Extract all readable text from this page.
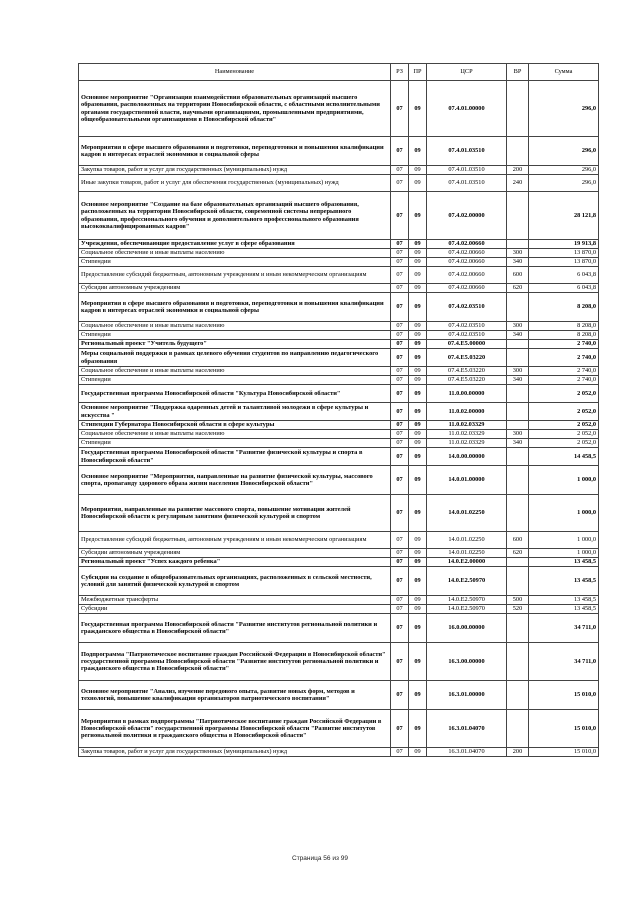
Наименование	РЗ	ПР	ЦСР	ВР	Сумма
Основное мероприятие "Организация взаимодействия образовательных организаций высшего образования, расположенных на территории Новосибирской области, с областными исполнительными органами государственной власти, научными организациями, промышленными предприятиями, общеобразовательными организациями в Новосибирской области"	07	09	07.4.01.00000		296,0
Мероприятия в сфере высшего образования и подготовки, переподготовки и повышения квалификации кадров в интересах отраслей экономики и социальной сферы	07	09	07.4.01.03510		296,0
Закупка товаров, работ и услуг для государственных (муниципальных) нужд	07	09	07.4.01.03510	200	296,0
Иные закупки товаров, работ и услуг для обеспечения государственных (муниципальных) нужд	07	09	07.4.01.03510	240	296,0
Основное мероприятие "Создание на базе образовательных организаций высшего образования, расположенных на территории Новосибирской области, современной системы непрерывного образования, профессионального обучения и дополнительного профессионального образования высококвалифицированных кадров"	07	09	07.4.02.00000		28 121,8
Учреждения, обеспечивающие предоставление услуг в сфере образования	07	09	07.4.02.00660		19 913,8
Социальное обеспечение и иные выплаты населению	07	09	07.4.02.00660	300	13 870,0
Стипендии	07	09	07.4.02.00660	340	13 870,0
Предоставление субсидий бюджетным, автономным учреждениям и иным некоммерческим организациям	07	09	07.4.02.00660	600	6 043,8
Субсидии автономным учреждениям	07	09	07.4.02.00660	620	6 043,8
Мероприятия в сфере высшего образования и подготовки, переподготовки и повышения квалификации кадров в интересах отраслей экономики и социальной сферы	07	09	07.4.02.03510		8 208,0
Социальное обеспечение и иные выплаты населению	07	09	07.4.02.03510	300	8 208,0
Стипендии	07	09	07.4.02.03510	340	8 208,0
Региональный проект "Учитель будущего"	07	09	07.4.E5.00000		2 740,0
Меры социальной поддержки в рамках целевого обучения студентов по направлению педагогического образования	07	09	07.4.E5.03220		2 740,0
Социальное обеспечение и иные выплаты населению	07	09	07.4.E5.03220	300	2 740,0
Стипендии	07	09	07.4.E5.03220	340	2 740,0
Государственная программа Новосибирской области "Культура Новосибирской области"	07	09	11.0.00.00000		2 052,0
Основное мероприятие "Поддержка одаренных детей и талантливой молодежи в сфере культуры и искусства "	07	09	11.0.02.00000		2 052,0
Стипендии Губернатора Новосибирской области в сфере культуры	07	09	11.0.02.03329		2 052,0
Социальное обеспечение и иные выплаты населению	07	09	11.0.02.03329	300	2 052,0
Стипендии	07	09	11.0.02.03329	340	2 052,0
Государственная программа Новосибирской области "Развитие физической культуры и спорта в Новосибирской области"	07	09	14.0.00.00000		14 458,5
Основное мероприятие "Мероприятия, направленные на развитие физической культуры, массового спорта, пропаганду здорового образа жизни населения Новосибирской области"	07	09	14.0.01.00000		1 000,0
Мероприятия, направленные на развитие массового спорта, повышение мотивации жителей Новосибирской области к регулярным занятиям физической культурой и спортом	07	09	14.0.01.02250		1 000,0
Предоставление субсидий бюджетным, автономным учреждениям и иным некоммерческим организациям	07	09	14.0.01.02250	600	1 000,0
Субсидии автономным учреждениям	07	09	14.0.01.02250	620	1 000,0
Региональный проект "Успех каждого ребенка"	07	09	14.0.E2.00000		13 458,5
Субсидии на создание в общеобразовательных организациях, расположенных в сельской местности, условий для занятий физической культурой и спортом	07	09	14.0.E2.50970		13 458,5
Межбюджетные трансферты	07	09	14.0.E2.50970	500	13 458,5
Субсидии	07	09	14.0.E2.50970	520	13 458,5
Государственная программа Новосибирской области "Развитие институтов региональной политики и гражданского общества в Новосибирской области"	07	09	16.0.00.00000		34 711,0
Подпрограмма "Патриотическое воспитание граждан Российской Федерации в Новосибирской области" государственной программы Новосибирской области "Развитие институтов региональной политики и гражданского общества в Новосибирской области"	07	09	16.3.00.00000		34 711,0
Основное мероприятие "Анализ, изучение передового опыта, развитие новых форм, методов и технологий, повышение квалификации организаторов патриотического воспитания"	07	09	16.3.01.00000		15 010,0
Мероприятия в рамках подпрограммы "Патриотическое воспитание граждан Российской Федерации в Новосибирской области" государственной программы Новосибирской области "Развитие институтов региональной политики и гражданского общества в Новосибирской области"	07	09	16.3.01.04070		15 010,0
Закупка товаров, работ и услуг для государственных (муниципальных) нужд	07	09	16.3.01.04070	200	15 010,0
Страница 56 из 99
